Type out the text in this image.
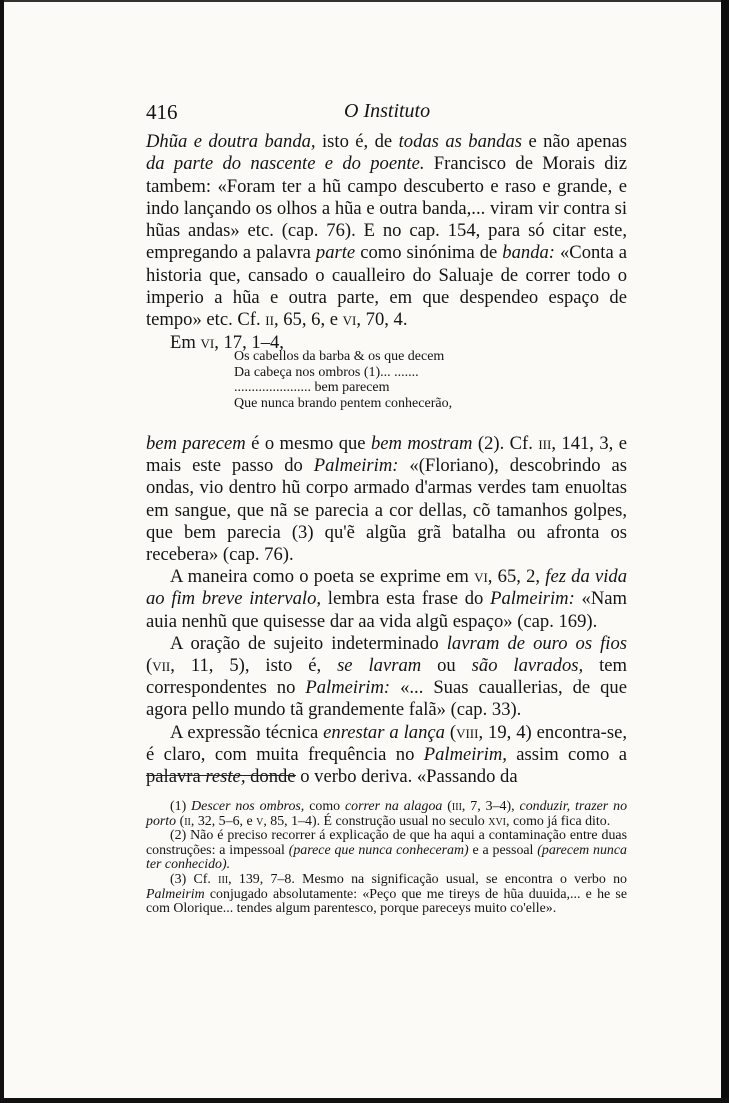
416	O Instituto

Dhũa e doutra banda, isto é, de todas as bandas e não apenas da parte do nascente e do poente. Francisco de Morais diz tambem: «Foram ter a hũ campo descuberto e raso e grande, e indo lançando os olhos a hũa e outra banda,... viram vir contra si hũas andas» etc. (cap. 76). E no cap. 154, para só citar este, empregando a palavra parte como sinónima de banda: «Conta a historia que, cansado o caualleiro do Saluaje de correr todo o imperio a hũa e outra parte, em que despendeo espaço de tempo» etc. Cf. ii, 65, 6, e vi, 70, 4.

Em vi, 17, 1–4,

Os cabellos da barba & os que decem
Da cabeça nos ombros (1)... .......
...................... bem parecem
Que nunca brando pentem conhecerão,

bem parecem é o mesmo que bem mostram (2). Cf. iii, 141, 3, e mais este passo do Palmeirim: «(Floriano), descobrindo as ondas, vio dentro hũ corpo armado d'armas verdes tam enuoltas em sangue, que nã se parecia a cor dellas, cõ tamanhos golpes, que bem parecia (3) qu'ẽ algũa grã batalha ou afronta os recebera» (cap. 76).

A maneira como o poeta se exprime em vi, 65, 2, fez da vida ao fim breve intervalo, lembra esta frase do Palmeirim: «Nam auia nenhũ que quisesse dar aa vida algũ espaço» (cap. 169).

A oração de sujeito indeterminado lavram de ouro os fios (vii, 11, 5), isto é, se lavram ou são lavrados, tem correspondentes no Palmeirim: «... Suas cauallerias, de que agora pello mundo tã grandemente falã» (cap. 33).

A expressão técnica enrestar a lança (viii, 19, 4) encontra-se, é claro, com muita frequência no Palmeirim, assim como a palavra reste, donde o verbo deriva. «Passando da

(1) Descer nos ombros, como correr na alagoa (iii, 7, 3–4), conduzir, trazer no porto (ii, 32, 5–6, e v, 85, 1–4). É construção usual no seculo xvi, como já fica dito.

(2) Não é preciso recorrer á explicação de que ha aqui a contaminação entre duas construções: a impessoal (parece que nunca conheceram) e a pessoal (parecem nunca ter conhecido).

(3) Cf. iii, 139, 7–8. Mesmo na significação usual, se encontra o verbo no Palmeirim conjugado absolutamente: «Peço que me tireys de hũa duuida,... e he se com Olorique... tendes algum parentesco, porque pareceys muito co'elle».
